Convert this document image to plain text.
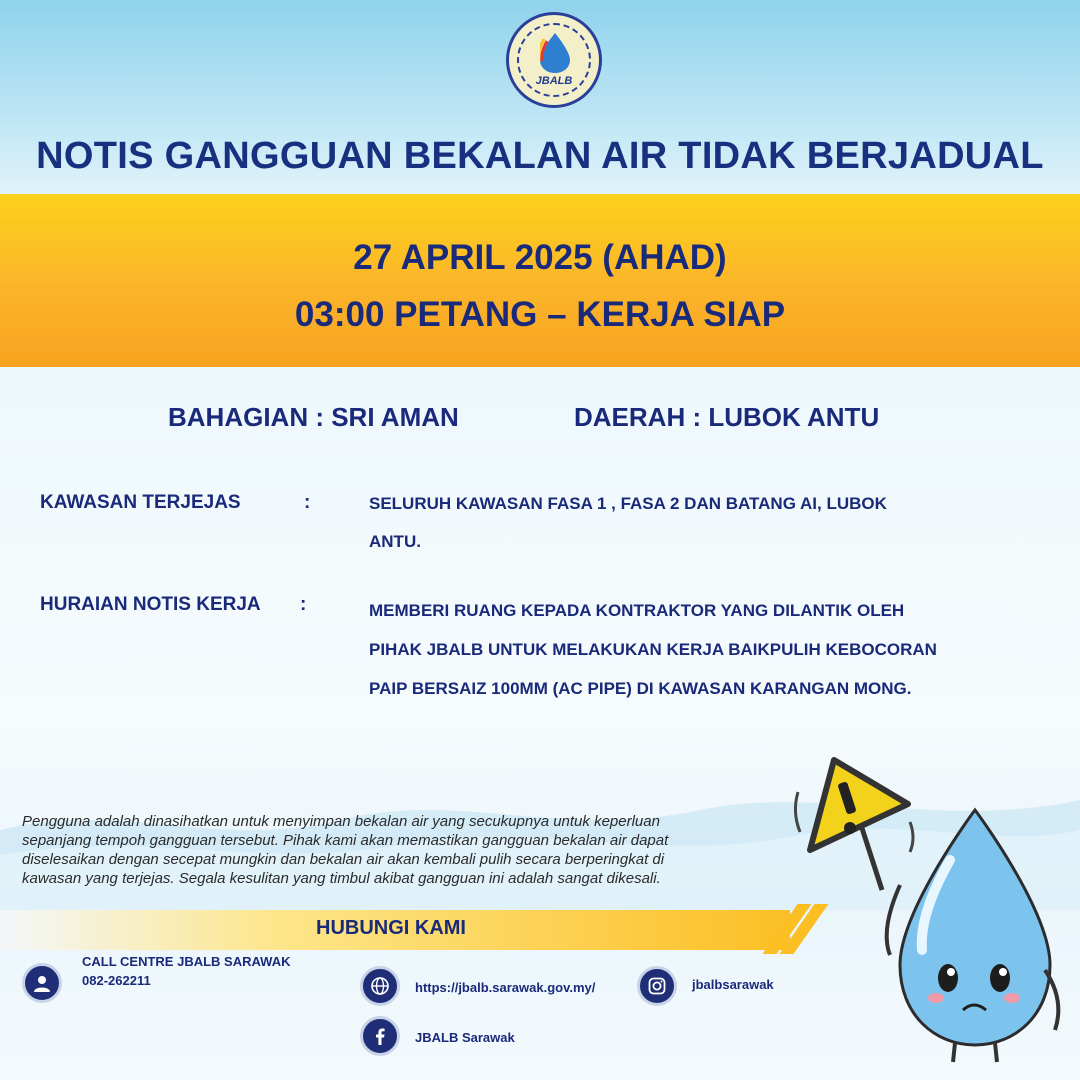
JBALB
NOTIS GANGGUAN BEKALAN AIR TIDAK BERJADUAL
27 APRIL 2025 (AHAD)
03:00 PETANG – KERJA SIAP
BAHAGIAN : SRI AMAN	DAERAH : LUBOK ANTU
KAWASAN TERJEJAS	:	SELURUH KAWASAN FASA 1 , FASA 2 DAN BATANG AI, LUBOK
ANTU.
HURAIAN NOTIS KERJA :	MEMBERI RUANG KEPADA KONTRAKTOR YANG DILANTIK OLEH
PIHAK JBALB UNTUK MELAKUKAN KERJA BAIKPULIH KEBOCORAN
PAIP BERSAIZ 100MM (AC PIPE) DI KAWASAN KARANGAN MONG.
Pengguna adalah dinasihatkan untuk menyimpan bekalan air yang secukupnya untuk keperluan
sepanjang tempoh gangguan tersebut. Pihak kami akan memastikan gangguan bekalan air dapat
diselesaikan dengan secepat mungkin dan bekalan air akan kembali pulih secara berperingkat di
kawasan yang terjejas. Segala kesulitan yang timbul akibat gangguan ini adalah sangat dikesali.
HUBUNGI KAMI
CALL CENTRE JBALB SARAWAK
082-262211	https://jbalb.sarawak.gov.my/	jbalbsarawak
JBALB Sarawak
